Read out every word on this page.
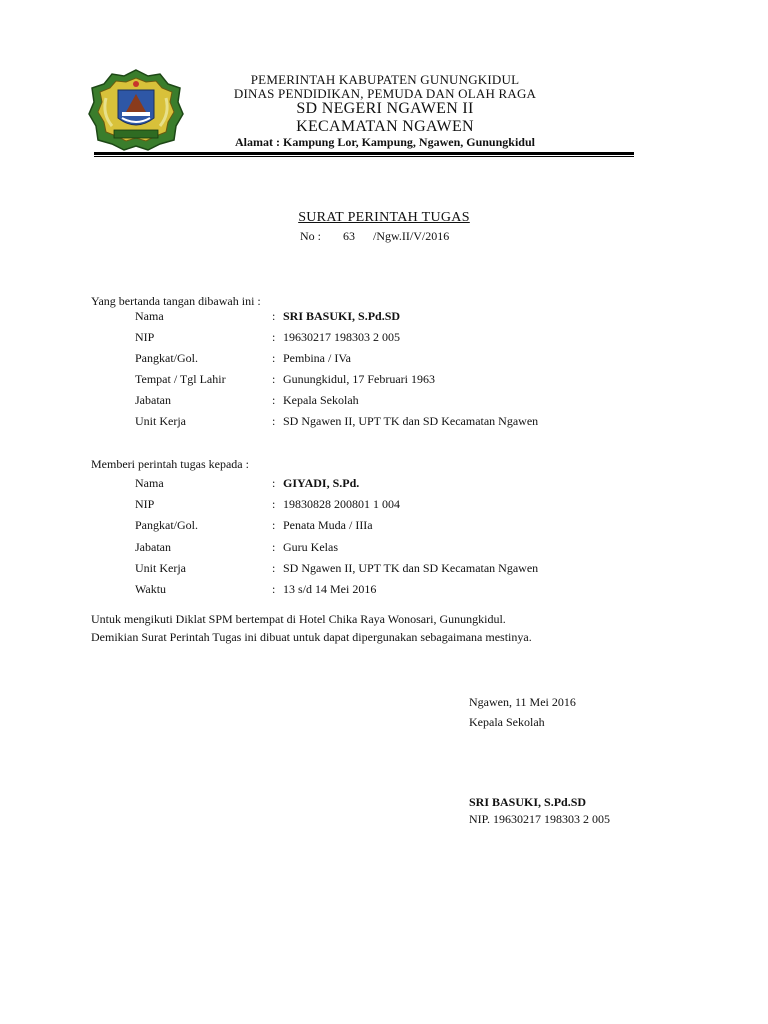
PEMERINTAH KABUPATEN GUNUNGKIDUL
DINAS PENDIDIKAN, PEMUDA DAN OLAH RAGA
SD NEGERI NGAWEN II
KECAMATAN NGAWEN
Alamat : Kampung Lor, Kampung, Ngawen, Gunungkidul
SURAT PERINTAH TUGAS
No : 63 /Ngw.II/V/2016
Yang bertanda tangan dibawah ini :
Nama	: SRI BASUKI, S.Pd.SD
NIP	: 19630217 198303 2 005
Pangkat/Gol.	: Pembina / IVa
Tempat / Tgl Lahir	: Gunungkidul, 17 Februari 1963
Jabatan	: Kepala Sekolah
Unit Kerja	: SD Ngawen II, UPT TK dan SD Kecamatan Ngawen
Memberi perintah tugas kepada :
Nama	: GIYADI, S.Pd.
NIP	: 19830828 200801 1 004
Pangkat/Gol.	: Penata Muda / IIIa
Jabatan	: Guru Kelas
Unit Kerja	: SD Ngawen II, UPT TK dan SD Kecamatan Ngawen
Waktu	: 13 s/d 14 Mei 2016
Untuk mengikuti Diklat SPM bertempat di Hotel Chika Raya Wonosari, Gunungkidul.
Demikian Surat Perintah Tugas ini dibuat untuk dapat dipergunakan sebagaimana mestinya.
Ngawen, 11 Mei 2016
Kepala Sekolah
SRI BASUKI, S.Pd.SD
NIP. 19630217 198303 2 005
